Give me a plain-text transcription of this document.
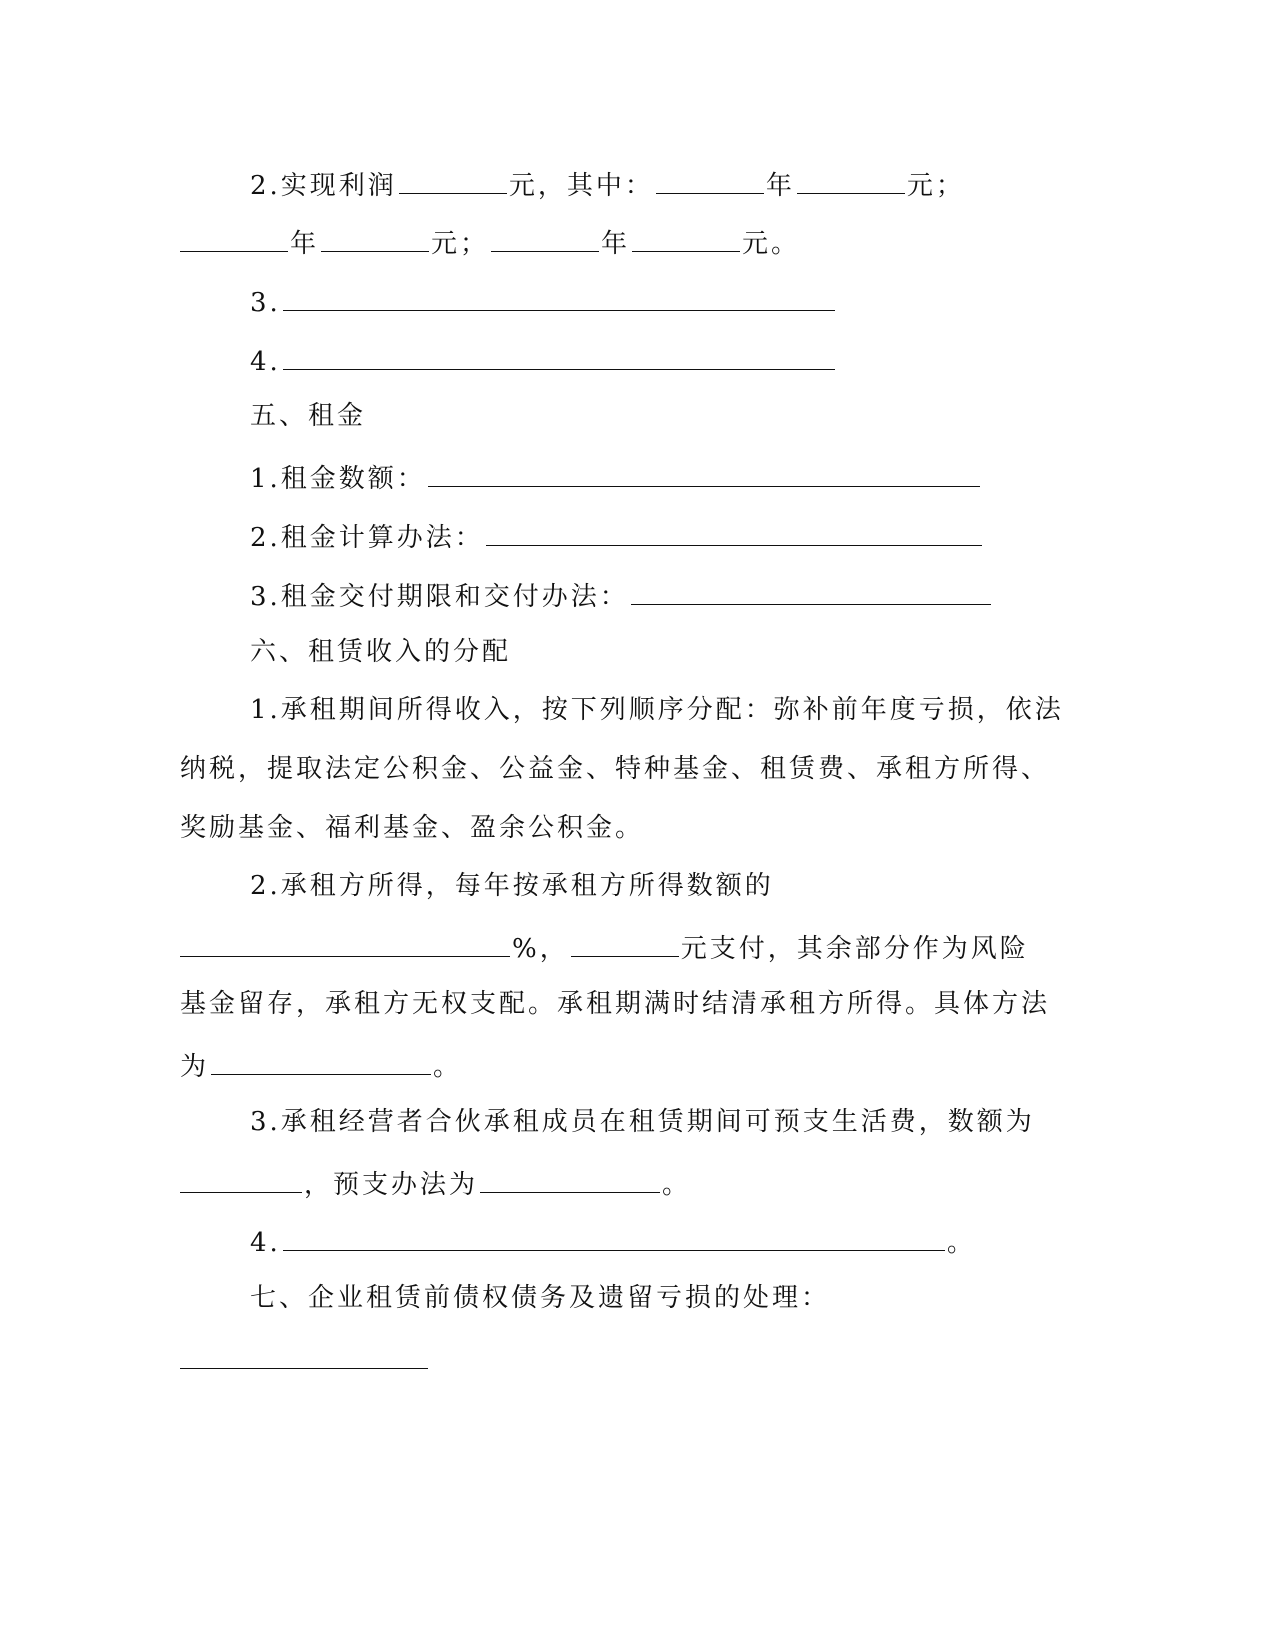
2.实现利润	元，其中：	年	元；
年	元；	年	元。
3.
4.
五、租金
1.租金数额：
2.租金计算办法：
3.租金交付期限和交付办法：
六、租赁收入的分配
1.承租期间所得收入，按下列顺序分配：弥补前年度亏损，依法
纳税，提取法定公积金、公益金、特种基金、租赁费、承租方所得、
奖励基金、福利基金、盈余公积金。
2.承租方所得，每年按承租方所得数额的
%，	元支付，其余部分作为风险
基金留存，承租方无权支配。承租期满时结清承租方所得。具体方法
为	。
3.承租经营者合伙承租成员在租赁期间可预支生活费，数额为
，预支办法为	。
4.	。
七、企业租赁前债权债务及遗留亏损的处理：
